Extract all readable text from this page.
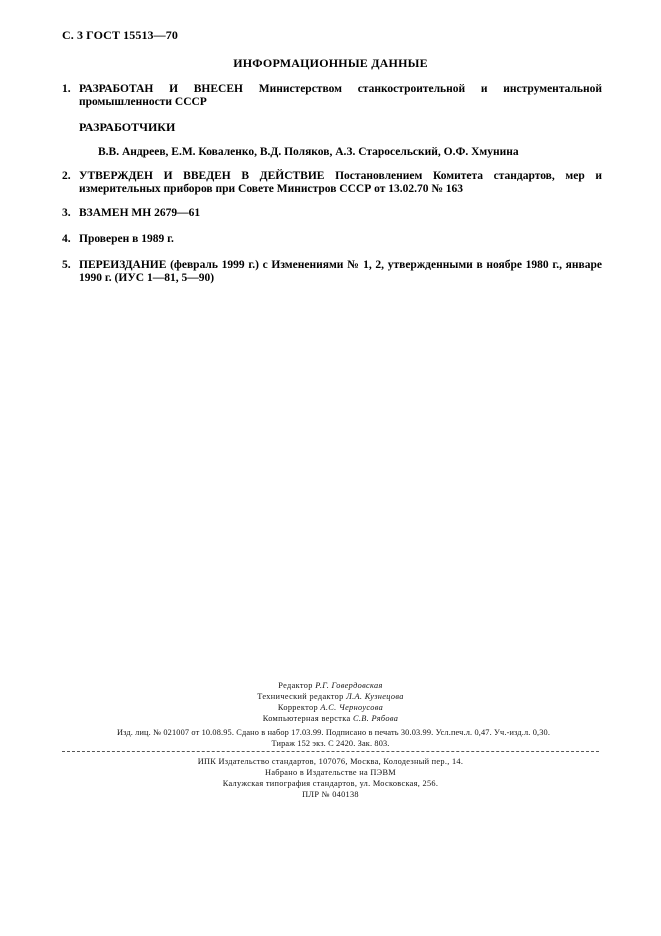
С. 3 ГОСТ 15513—70
ИНФОРМАЦИОННЫЕ ДАННЫЕ
1. РАЗРАБОТАН И ВНЕСЕН Министерством станкостроительной и инструментальной промышленности СССР
РАЗРАБОТЧИКИ
В.В. Андреев, Е.М. Коваленко, В.Д. Поляков, А.З. Старосельский, О.Ф. Хмунина
2. УТВЕРЖДЕН И ВВЕДЕН В ДЕЙСТВИЕ Постановлением Комитета стандартов, мер и измерительных приборов при Совете Министров СССР от 13.02.70 № 163
3. ВЗАМЕН МН 2679—61
4. Проверен в 1989 г.
5. ПЕРЕИЗДАНИЕ (февраль 1999 г.) с Изменениями № 1, 2, утвержденными в ноябре 1980 г., январе 1990 г. (ИУС 1—81, 5—90)
Редактор Р.Г. Говердовская
Технический редактор Л.А. Кузнецова
Корректор А.С. Черноусова
Компьютерная верстка С.В. Рябова
Изд. лиц. № 021007 от 10.08.95. Сдано в набор 17.03.99. Подписано в печать 30.03.99. Усл.печ.л. 0,47. Уч.-изд.л. 0,30.
Тираж 152 экз. С 2420. Зак. 803.
ИПК Издательство стандартов, 107076, Москва, Колодезный пер., 14.
Набрано в Издательстве на ПЭВМ
Калужская типография стандартов, ул. Московская, 256.
ПЛР № 040138
